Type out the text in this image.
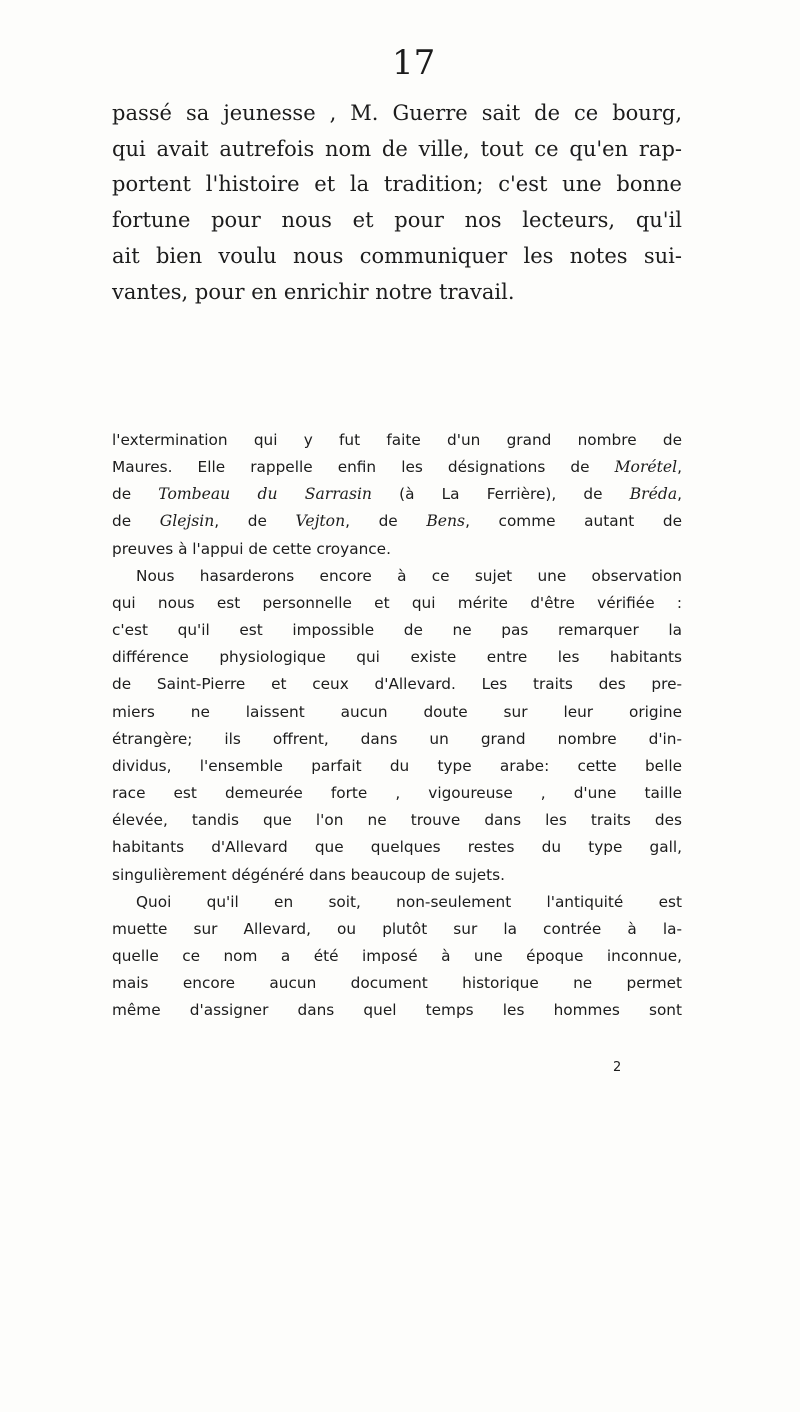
17

passé sa jeunesse , M. Guerre sait de ce bourg,
qui avait autrefois nom de ville, tout ce qu'en rap-
portent l'histoire et la tradition; c'est une bonne
fortune pour nous et pour nos lecteurs, qu'il
ait bien voulu nous communiquer les notes sui-
vantes, pour en enrichir notre travail.

l'extermination qui y fut faite d'un grand nombre de
Maures. Elle rappelle enfin les désignations de Morétel,
de Tombeau du Sarrasin (à La Ferrière), de Bréda,
de Glejsin, de Vejton, de Bens, comme autant de
preuves à l'appui de cette croyance.

Nous hasarderons encore à ce sujet une observation
qui nous est personnelle et qui mérite d'être vérifiée :
c'est qu'il est impossible de ne pas remarquer la
différence physiologique qui existe entre les habitants
de Saint-Pierre et ceux d'Allevard. Les traits des pre-
miers ne laissent aucun doute sur leur origine
étrangère; ils offrent, dans un grand nombre d'in-
dividus, l'ensemble parfait du type arabe: cette belle
race est demeurée forte , vigoureuse , d'une taille
élevée, tandis que l'on ne trouve dans les traits des
habitants d'Allevard que quelques restes du type gall,
singulièrement dégénéré dans beaucoup de sujets.

Quoi qu'il en soit, non-seulement l'antiquité est
muette sur Allevard, ou plutôt sur la contrée à la-
quelle ce nom a été imposé à une époque inconnue,
mais encore aucun document historique ne permet
même d'assigner dans quel temps les hommes sont

2
